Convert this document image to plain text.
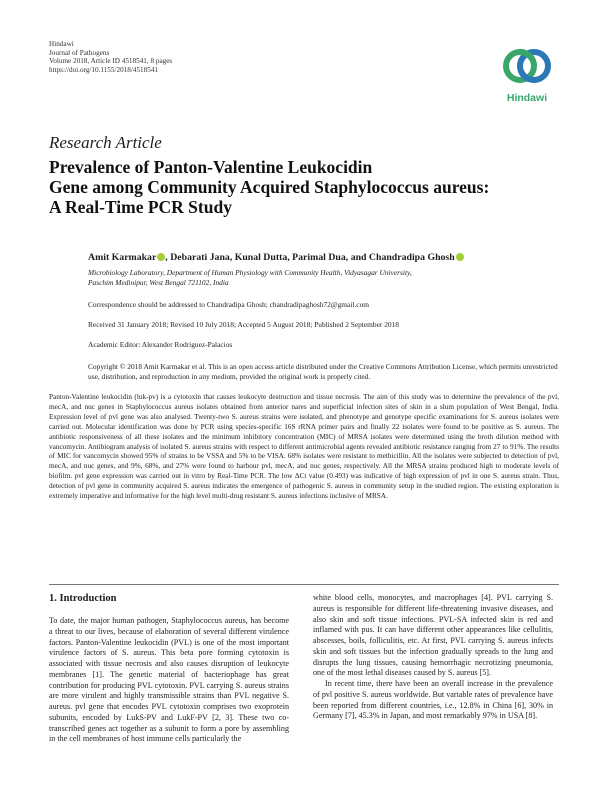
Hindawi
Journal of Pathogens
Volume 2018, Article ID 4518541, 8 pages
https://doi.org/10.1155/2018/4518541
Hindawi
Research Article
Prevalence of Panton-Valentine Leukocidin
Gene among Community Acquired Staphylococcus aureus:
A Real-Time PCR Study
Amit Karmakar , Debarati Jana, Kunal Dutta, Parimal Dua, and Chandradipa Ghosh
Microbiology Laboratory, Department of Human Physiology with Community Health, Vidyasagar University,
Paschim Medinipur, West Bengal 721102, India
Correspondence should be addressed to Chandradipa Ghosh; chandradipaghosh72@gmail.com
Received 31 January 2018; Revised 10 July 2018; Accepted 5 August 2018; Published 2 September 2018
Academic Editor: Alexander Rodriguez-Palacios
Copyright © 2018 Amit Karmakar et al. This is an open access article distributed under the Creative Commons Attribution License, which permits unrestricted use, distribution, and reproduction in any medium, provided the original work is properly cited.
Panton-Valentine leukocidin (luk-pv) is a cytotoxin that causes leukocyte destruction and tissue necrosis. The aim of this study was to determine the prevalence of the pvl, mecA, and nuc genes in Staphylococcus aureus isolates obtained from anterior nares and superficial infection sites of skin in a slum population of West Bengal, India. Expression level of pvl gene was also analysed. Twenty-two S. aureus strains were isolated, and phenotype and genotype specific examinations for S. aureus isolates were carried out. Molecular identification was done by PCR using species-specific 16S rRNA primer pairs and finally 22 isolates were found to be positive as S. aureus. The antibiotic responsiveness of all these isolates and the minimum inhibitory concentration (MIC) of MRSA isolates were determined using the broth dilution method with vancomycin. Antibiogram analysis of isolated S. aureus strains with respect to different antimicrobial agents revealed antibiotic resistance ranging from 27 to 91%. The results of MIC for vancomycin showed 95% of strains to be VSSA and 5% to be VISA. 68% isolates were resistant to methicillin. All the isolates were subjected to detection of pvl, mecA, and nuc genes, and 9%, 68%, and 27% were found to harbour pvl, mecA, and nuc genes, respectively. All the MRSA strains produced high to moderate levels of biofilm. pvl gene expression was carried out in vitro by Real-Time PCR. The low ΔCt value (0.493) was indicative of high expression of pvl in one S. aureus strain. Thus, detection of pvl gene in community acquired S. aureus indicates the emergence of pathogenic S. aureus in community setup in the studied region. The existing exploration is extremely imperative and informative for the high level multi-drug resistant S. aureus infections inclusive of MRSA.
1. Introduction

To date, the major human pathogen, Staphylococcus aureus, has become a threat to our lives, because of elaboration of several different virulence factors. Panton-Valentine leukocidin (PVL) is one of the most important virulence factors of S. aureus. This beta pore forming cytotoxin is associated with tissue necrosis and also causes disruption of leukocyte membranes [1]. The genetic material of bacteriophage has great contribution for producing PVL cytotoxin. PVL carrying S. aureus strains are more virulent and highly transmissible strains than PVL negative S. aureus. pvl gene that encodes PVL cytotoxin comprises two exoprotein subunits, encoded by LukS-PV and LukF-PV [2, 3]. These two co-transcribed genes act together as a subunit to form a pore by assembling in the cell membranes of host immune cells particularly the

white blood cells, monocytes, and macrophages [4]. PVL carrying S. aureus is responsible for different life-threatening invasive diseases, and also skin and soft tissue infections. PVL-SA infected skin is red and inflamed with pus. It can have different other appearances like cellulitis, abscesses, boils, folliculitis, etc. At first, PVL carrying S. aureus infects skin and soft tissues but the infection gradually spreads to the lung and disrupts the lung tissues, causing hemorrhagic necrotizing pneumonia, one of the most lethal diseases caused by S. aureus [5].

In recent time, there have been an overall increase in the prevalence of pvl positive S. aureus worldwide. But variable rates of prevalence have been reported from different countries, i.e., 12.8% in China [6], 30% in Germany [7], 45.3% in Japan, and most remarkably 97% in USA [8].
